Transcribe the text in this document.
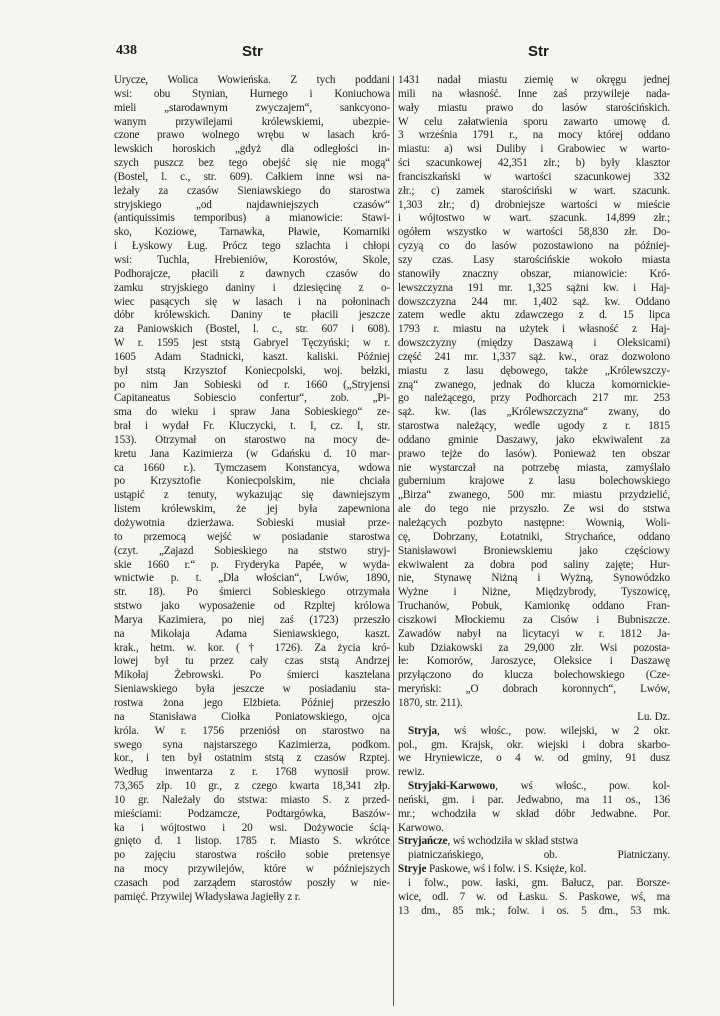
438	Str	Str
Urycze, Wolica Wowieńska. Z tych poddani
wsi: obu Stynian, Hurnego i Koniuchowa
mieli „starodawnym zwyczajem“, sankcyono-
wanym przywilejami królewskiemi, ubezpie-
czone prawo wolnego wrębu w lasach kró-
lewskich horoskich „gdyż dla odległości in-
szych puszcz bez tego obejść się nie mogą“
(Bostel, l. c., str. 609). Całkiem inne wsi na-
leżały za czasów Sieniawskiego do starostwa
stryjskiego „od najdawniejszych czasów“
(antiquissimis temporibus) a mianowicie: Stawi-
sko, Koziowe, Tarnawka, Pławie, Komarniki
i Łyskowy Ług. Prócz tego szlachta i chłopi
wsi: Tuchla, Hrebieniów, Korostów, Skole,
Podhorajcze, płacili z dawnych czasów do
zamku stryjskiego daniny i dziesięcinę z o-
wiec pasących się w lasach i na połoninach
dóbr królewskich. Daniny te płacili jeszcze
za Paniowskich (Bostel, l. c., str. 607 i 608).
W r. 1595 jest ststą Gabryel Tęczyński; w r.
1605 Adam Stadnicki, kaszt. kaliski. Później
był ststą Krzysztof Koniecpolski, woj. bełzki,
po nim Jan Sobieski od r. 1660 („Stryjensi
Capitaneatus Sobiescio confertur“, zob. „Pi-
sma do wieku i spraw Jana Sobieskiego“ ze-
brał i wydał Fr. Kluczycki, t. I, cz. I, str.
153). Otrzymał on starostwo na mocy de-
kretu Jana Kazimierza (w Gdańsku d. 10 mar-
ca 1660 r.). Tymczasem Konstancya, wdowa
po Krzysztofie Koniecpolskim, nie chciała
ustąpić z tenuty, wykazując się dawniejszym
listem królewskim, że jej była zapewniona
dożywotnia dzierżawa. Sobieski musiał prze-
to przemocą wejść w posiadanie starostwa
(czyt. „Zajazd Sobieskiego na ststwo stryj-
skie 1660 r.“ p. Fryderyka Papée, w wyda-
wnictwie p. t. „Dla włościan“, Lwów, 1890,
str. 18). Po śmierci Sobieskiego otrzymała
ststwo jako wyposażenie od Rzpltej królowa
Marya Kazimiera, po niej zaś (1723) przeszło
na Mikołaja Adama Sieniawskiego, kaszt.
krak., hetm. w. kor. († 1726). Za życia kró-
lowej był tu przez cały czas ststą Andrzej
Mikołaj Żebrowski. Po śmierci kasztelana
Sieniawskiego była jeszcze w posiadaniu sta-
rostwa żona jego Elżbieta. Później przeszło
na Stanisława Ciołka Poniatowskiego, ojca
króla. W r. 1756 przeniósł on starostwo na
swego syna najstarszego Kazimierza, podkom.
kor., i ten był ostatnim ststą z czasów Rzptej.
Według inwentarza z r. 1768 wynosił prow.
73,365 złp. 10 gr., z czego kwarta 18,341 złp.
10 gr. Należały do ststwa: miasto S. z przed-
mieściami: Podzamcze, Podtargówka, Baszów-
ka i wójtostwo i 20 wsi. Dożywocie ścią-
gnięto d. 1 listop. 1785 r. Miasto S. wkrótce
po zajęciu starostwa rościło sobie pretensye
na mocy przywilejów, które w późniejszych
czasach pod zarządem starostów poszły w nie-
pamięć. Przywilej Władysława Jagiełły z r.
1431 nadał miastu ziemię w okręgu jednej
mili na własność. Inne zaś przywileje nada-
wały miastu prawo do lasów starościńskich.
W celu załatwienia sporu zawarto umowę d.
3 września 1791 r., na mocy której oddano
miastu: a) wsi Duliby i Grabowiec w warto-
ści szacunkowej 42,351 złr.; b) były klasztor
franciszkański w wartości szacunkowej 332
złr.; c) zamek starościński w wart. szacunk.
1,303 złr.; d) drobniejsze wartości w mieście
i wójtostwo w wart. szacunk. 14,899 złr.;
ogółem wszystko w wartości 58,830 złr. Do-
cyzyą co do lasów pozostawiono na później-
szy czas. Lasy starościńskie wokoło miasta
stanowiły znaczny obszar, mianowicie: Kró-
lewszczyzna 191 mr. 1,325 sążni kw. i Haj-
dowszczyzna 244 mr. 1,402 sąż. kw. Oddano
zatem wedle aktu zdawczego z d. 15 lipca
1793 r. miastu na użytek i własność z Haj-
dowszczyzny (między Daszawą i Oleksicami)
część 241 mr. 1,337 sąż. kw., oraz dozwolono
miastu z lasu dębowego, także „Królewszczy-
zną“ zwanego, jednak do klucza komornickie-
go należącego, przy Podhorcach 217 mr. 253
sąż. kw. (las „Królewszczyzna“ zwany, do
starostwa należący, wedle ugody z r. 1815
oddano gminie Daszawy, jako ekwiwalent za
prawo tejże do lasów). Ponieważ ten obszar
nie wystarczał na potrzebę miasta, zamyślało
gubernium krajowe z lasu bolechowskiego
„Birza“ zwanego, 500 mr. miastu przydzielić,
ale do tego nie przyszło. Ze wsi do ststwa
należących pozbyto następne: Wownią, Woli-
cę, Dobrzany, Łotatniki, Strychańce, oddano
Stanisławowi Broniewskiemu jako częściowy
ekwiwalent za dobra pod saliny zajęte; Hur-
nie, Stynawę Niżną i Wyżną, Synowódzko
Wyżne i Niżne, Międzybrody, Tyszowicę,
Truchanów, Pobuk, Kamionkę oddano Fran-
ciszkowi Młockiemu za Cisów i Bubniszcze.
Zawadów nabył na licytacyi w r. 1812 Ja-
kub Dziakowski za 29,000 złr. Wsi pozosta-
łe: Komorów, Jaroszyce, Oleksice i Daszawę
przyłączono do klucza bolechowskiego (Cze-
meryński: „O dobrach koronnych“, Lwów,
1870, str. 211).
Lu. Dz.
Stryja, wś włośc., pow. wilejski, w 2 okr.
pol., gm. Krajsk, okr. wiejski i dobra skarbo-
we Hryniewicze, o 4 w. od gminy, 91 dusz
rewiz.
Stryjaki-Karwowo, wś włośc., pow. kol-
neński, gm. i par. Jedwabno, ma 11 os., 136
mr.; wchodziła w skład dóbr Jedwabne. Por.
Karwowo.
Stryjańcze, wś wchodziła w skład ststwa
piatniczańskiego, ob. Piatniczany.
Stryje Paskowe, wś i folw. i S. Księże, kol.
i folw., pow. łaski, gm. Bałucz, par. Borsze-
wice, odl. 7 w. od Łasku. S. Paskowe, wś, ma
13 dm., 85 mk.; folw. i os. 5 dm., 53 mk.
